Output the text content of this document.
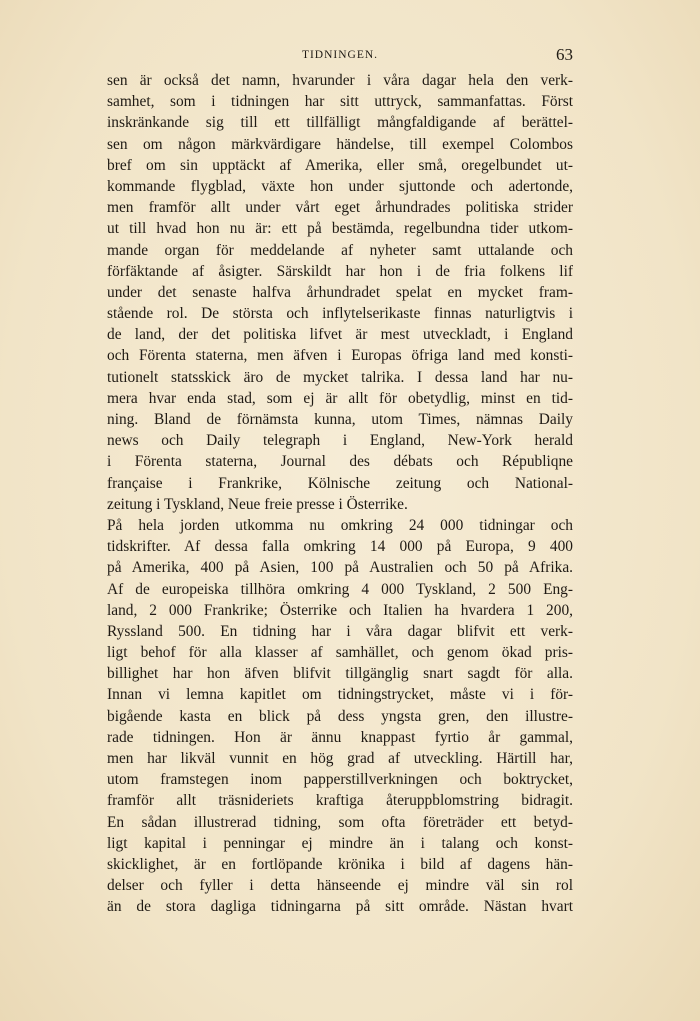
TIDNINGEN.	63
sen är också det namn, hvarunder i våra dagar hela den verk-
samhet, som i tidningen har sitt uttryck, sammanfattas. Först
inskränkande sig till ett tillfälligt mångfaldigande af berättel-
sen om någon märkvärdigare händelse, till exempel Colombos
bref om sin upptäckt af Amerika, eller små, oregelbundet ut-
kommande flygblad, växte hon under sjuttonde och adertonde,
men framför allt under vårt eget århundrades politiska strider
ut till hvad hon nu är: ett på bestämda, regelbundna tider utkom-
mande organ för meddelande af nyheter samt uttalande och
förfäktande af åsigter. Särskildt har hon i de fria folkens lif
under det senaste halfva århundradet spelat en mycket fram-
stående rol. De största och inflytelserikaste finnas naturligtvis i
de land, der det politiska lifvet är mest utveckladt, i England
och Förenta staterna, men äfven i Europas öfriga land med konsti-
tutionelt statsskick äro de mycket talrika. I dessa land har nu-
mera hvar enda stad, som ej är allt för obetydlig, minst en tid-
ning. Bland de förnämsta kunna, utom Times, nämnas Daily
news och Daily telegraph i England, New-York herald
i Förenta staterna, Journal des débats och Républiqne
française i Frankrike, Kölnische zeitung och National-
zeitung i Tyskland, Neue freie presse i Österrike.
På hela jorden utkomma nu omkring 24 000 tidningar och
tidskrifter. Af dessa falla omkring 14 000 på Europa, 9 400
på Amerika, 400 på Asien, 100 på Australien och 50 på Afrika.
Af de europeiska tillhöra omkring 4 000 Tyskland, 2 500 Eng-
land, 2 000 Frankrike; Österrike och Italien ha hvardera 1 200,
Ryssland 500. En tidning har i våra dagar blifvit ett verk-
ligt behof för alla klasser af samhället, och genom ökad pris-
billighet har hon äfven blifvit tillgänglig snart sagdt för alla.
Innan vi lemna kapitlet om tidningstrycket, måste vi i för-
bigående kasta en blick på dess yngsta gren, den illustre-
rade tidningen. Hon är ännu knappast fyrtio år gammal,
men har likväl vunnit en hög grad af utveckling. Härtill har,
utom framstegen inom papperstillverkningen och boktrycket,
framför allt träsnideriets kraftiga återuppblomstring bidragit.
En sådan illustrerad tidning, som ofta företräder ett betyd-
ligt kapital i penningar ej mindre än i talang och konst-
skicklighet, är en fortlöpande krönika i bild af dagens hän-
delser och fyller i detta hänseende ej mindre väl sin rol
än de stora dagliga tidningarna på sitt område. Nästan hvart
